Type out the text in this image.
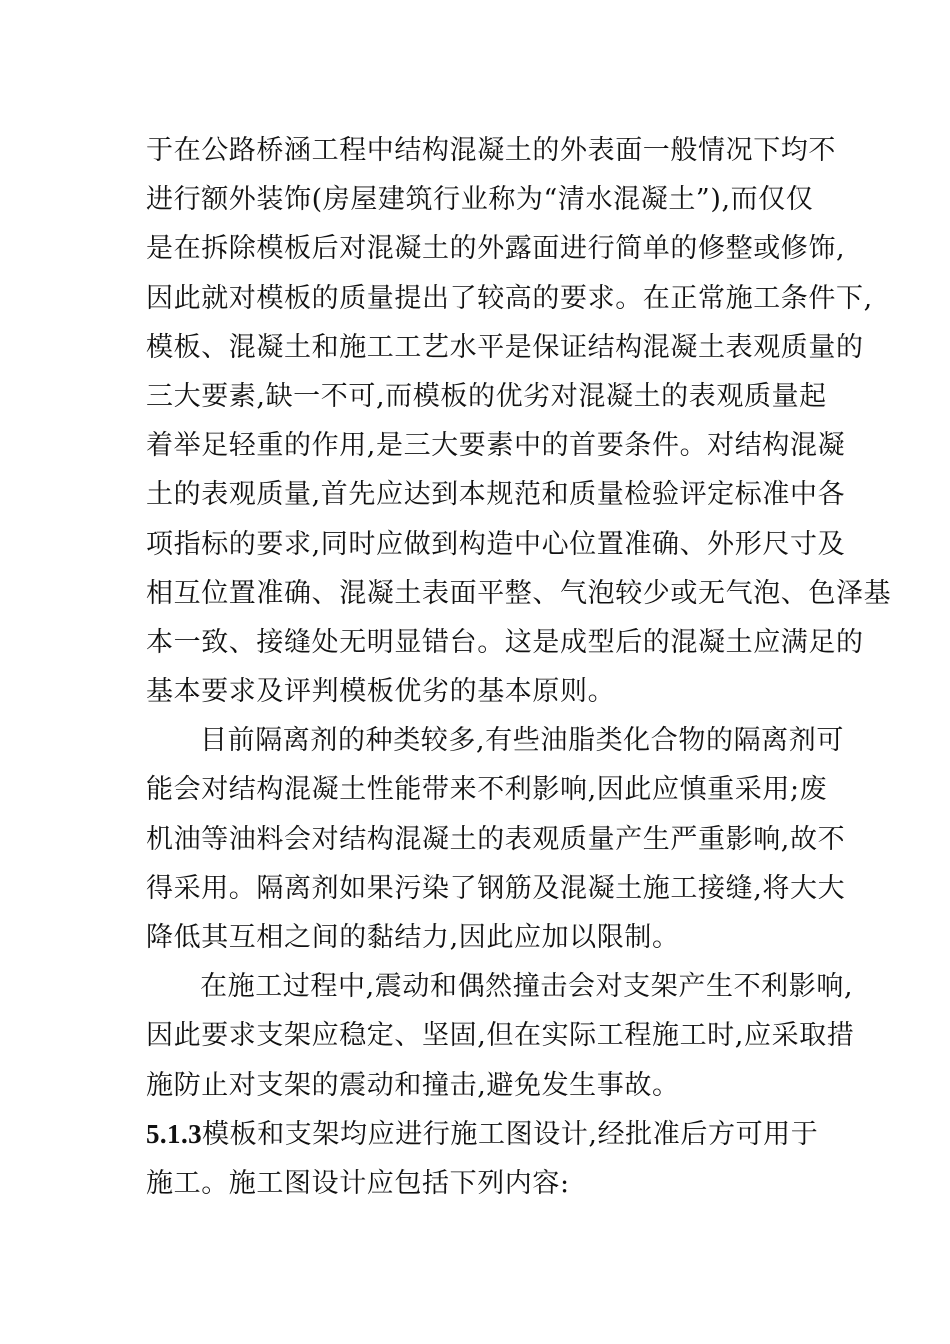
于在公路桥涵工程中结构混凝土的外表面一般情况下均不
进行额外装饰(房屋建筑行业称为“清水混凝土”),而仅仅
是在拆除模板后对混凝土的外露面进行简单的修整或修饰,
因此就对模板的质量提出了较高的要求。在正常施工条件下,
模板、混凝土和施工工艺水平是保证结构混凝土表观质量的
三大要素,缺一不可,而模板的优劣对混凝土的表观质量起
着举足轻重的作用,是三大要素中的首要条件。对结构混凝
土的表观质量,首先应达到本规范和质量检验评定标准中各
项指标的要求,同时应做到构造中心位置准确、外形尺寸及
相互位置准确、混凝土表面平整、气泡较少或无气泡、色泽基
本一致、接缝处无明显错台。这是成型后的混凝土应满足的
基本要求及评判模板优劣的基本原则。
目前隔离剂的种类较多,有些油脂类化合物的隔离剂可
能会对结构混凝土性能带来不利影响,因此应慎重采用;废
机油等油料会对结构混凝土的表观质量产生严重影响,故不
得采用。隔离剂如果污染了钢筋及混凝土施工接缝,将大大
降低其互相之间的黏结力,因此应加以限制。
在施工过程中,震动和偶然撞击会对支架产生不利影响,
因此要求支架应稳定、坚固,但在实际工程施工时,应采取措
施防止对支架的震动和撞击,避免发生事故。
5.1.3模板和支架均应进行施工图设计,经批准后方可用于
施工。施工图设计应包括下列内容:
